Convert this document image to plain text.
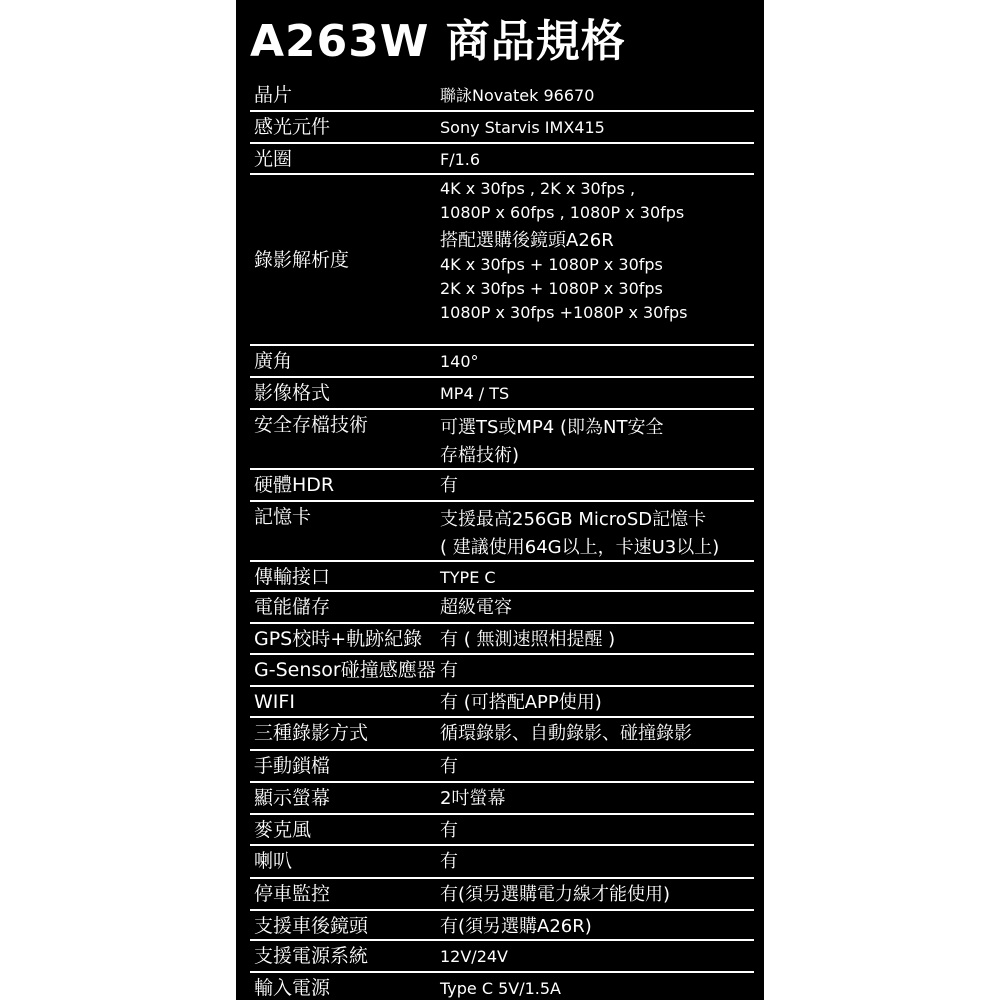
A263W 商品規格
晶片	聯詠Novatek 96670
感光元件	Sony Starvis IMX415
光圈	F/1.6
錄影解析度
4K x 30fps , 2K x 30fps ,
1080P x 60fps , 1080P x 30fps
搭配選購後鏡頭A26R
4K x 30fps + 1080P x 30fps
2K x 30fps + 1080P x 30fps
1080P x 30fps +1080P x 30fps
廣角	140°
影像格式	MP4 / TS
安全存檔技術	可選TS或MP4 (即為NT安全
存檔技術)
硬體HDR	有
記憶卡	支援最高256GB MicroSD記憶卡
( 建議使用64G以上，卡速U3以上)
傳輸接口	TYPE C
電能儲存	超級電容
GPS校時+軌跡紀錄 有 ( 無測速照相提醒 )
G-Sensor碰撞感應器 有
WIFI	有 (可搭配APP使用)
三種錄影方式	循環錄影、自動錄影、碰撞錄影
手動鎖檔	有
顯示螢幕	2吋螢幕
麥克風	有
喇叭	有
停車監控	有(須另選購電力線才能使用)
支援車後鏡頭	有(須另選購A26R)
支援電源系統	12V/24V
輸入電源	Type C 5V/1.5A
